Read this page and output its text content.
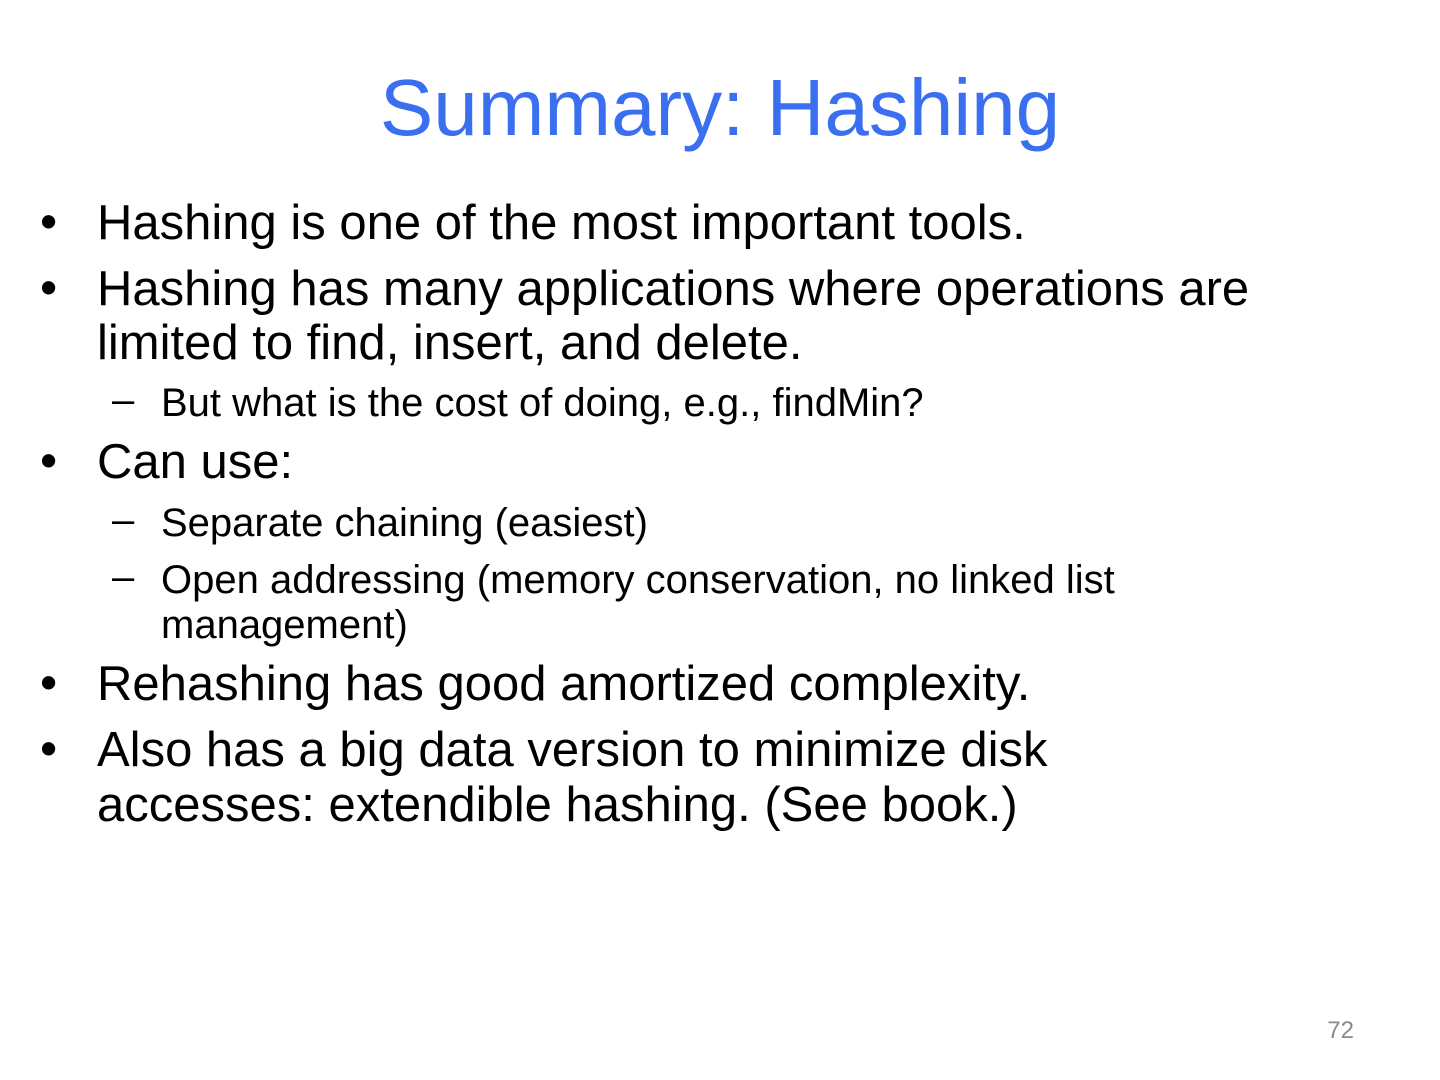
Summary: Hashing
• Hashing is one of the most important tools.
• Hashing has many applications where operations are
limited to find, insert, and delete.
– But what is the cost of doing, e.g., findMin?
• Can use:
– Separate chaining (easiest)
– Open addressing (memory conservation, no linked list
management)
• Rehashing has good amortized complexity.
• Also has a big data version to minimize disk
accesses: extendible hashing. (See book.)
72
